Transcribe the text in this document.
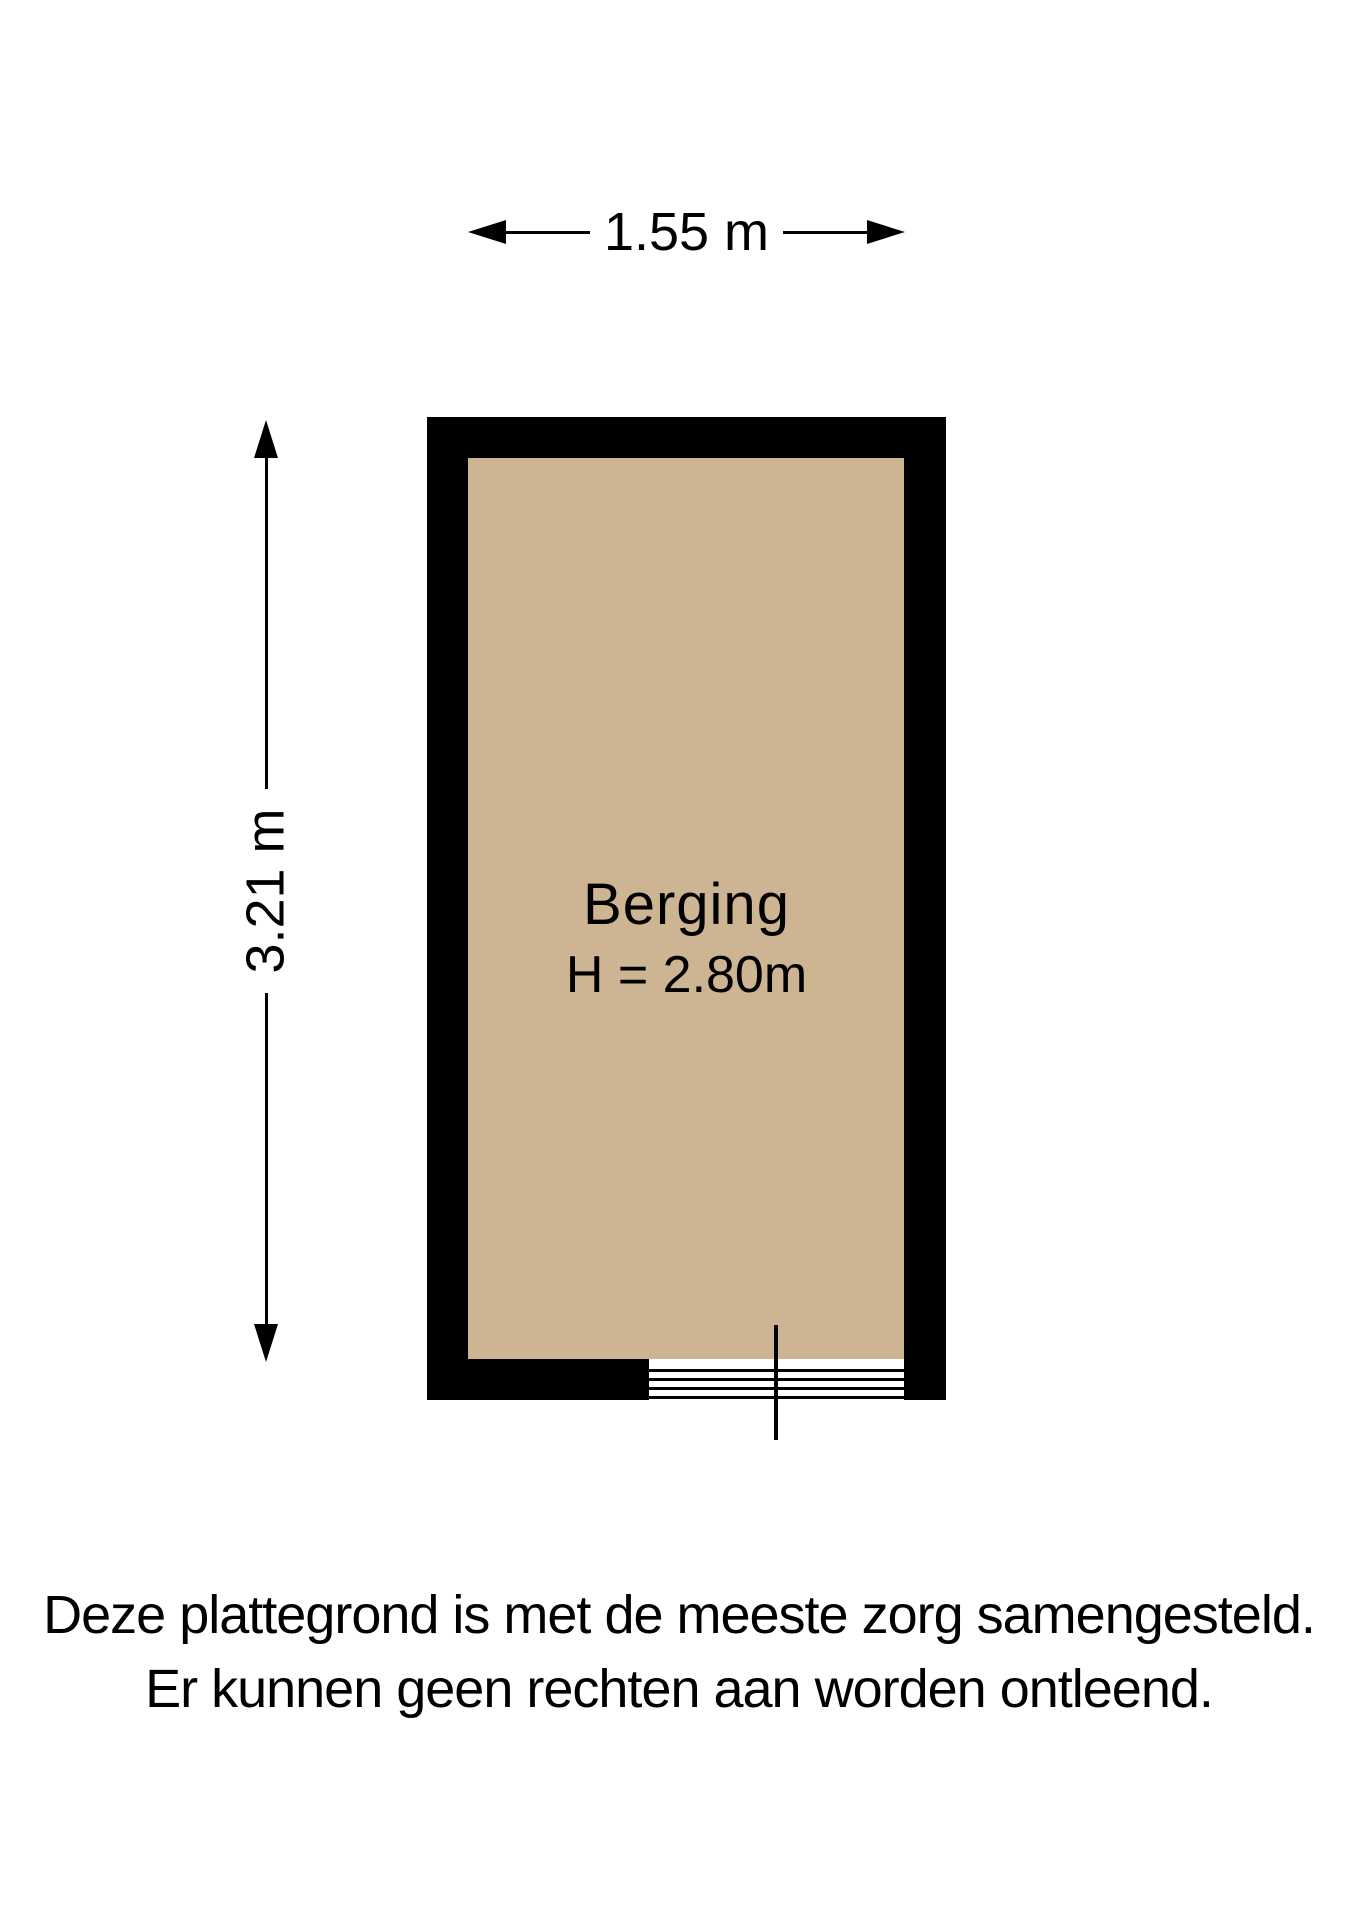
1.55 m
3.21 m	Berging
H = 2.80m
Deze plattegrond is met de meeste zorg samengesteld.
Er kunnen geen rechten aan worden ontleend.
